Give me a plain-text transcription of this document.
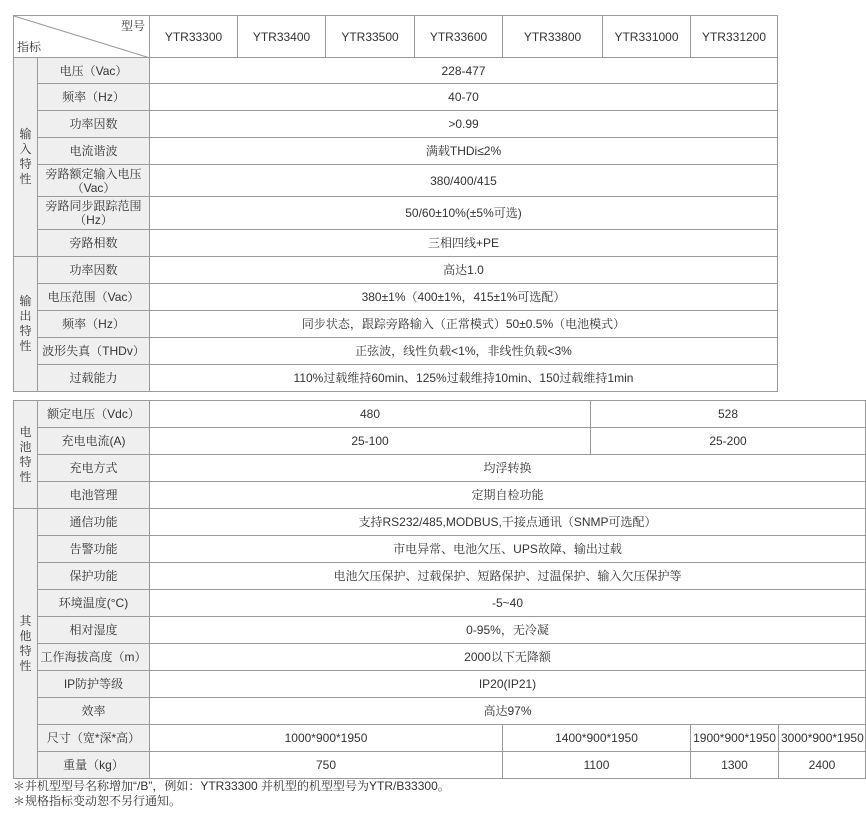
型号
指标		YTR33300	YTR33400	YTR33500	YTR33600	YTR33800	YTR331000	YTR331200
输入特性	电压（Vac）	228-477						
	频率（Hz）	40-70						
	功率因数	>0.99						
	电流谐波	满载THDi≤2%						
	旁路额定输入电压（Vac）	380/400/415						
	旁路同步跟踪范围（Hz）	50/60±10%(±5%可选)						
	旁路相数	三相四线+PE						
输出特性	功率因数	高达1.0						
	电压范围（Vac）	380±1%（400±1%，415±1%可选配）						
	频率（Hz）	同步状态，跟踪旁路输入（正常模式）50±0.5%（电池模式）						
	波形失真（THDv）	正弦波，线性负载<1%，非线性负载<3%						
	过载能力	110%过载维持60min、125%过载维持10min、150过载维持1min						
电池特性	额定电压（Vdc）	480		528		
	充电电流(A)	25-100		25-200		
	充电方式	均浮转换				
	电池管理	定期自检功能				
其他特性	通信功能	支持RS232/485,MODBUS,干接点通讯（SNMP可选配）				
	告警功能	市电异常、电池欠压、UPS故障、输出过载				
	保护功能	电池欠压保护、过载保护、短路保护、过温保护、输入欠压保护等				
	环境温度(°C)	-5~40				
	相对湿度	0-95%，无冷凝				
	工作海拔高度（m）	2000以下无降额				
	IP防护等级	IP20(IP21)				
	效率	高达97%				
	尺寸（宽*深*高）	1000*900*1950	1400*900*1950		1900*900*1950	3000*900*1950
	重量（kg）	750	1100		1300	2400
＊并机型型号名称增加“/B”，例如：YTR33300 并机型的机型型号为YTR/B33300。
＊规格指标变动恕不另行通知。
